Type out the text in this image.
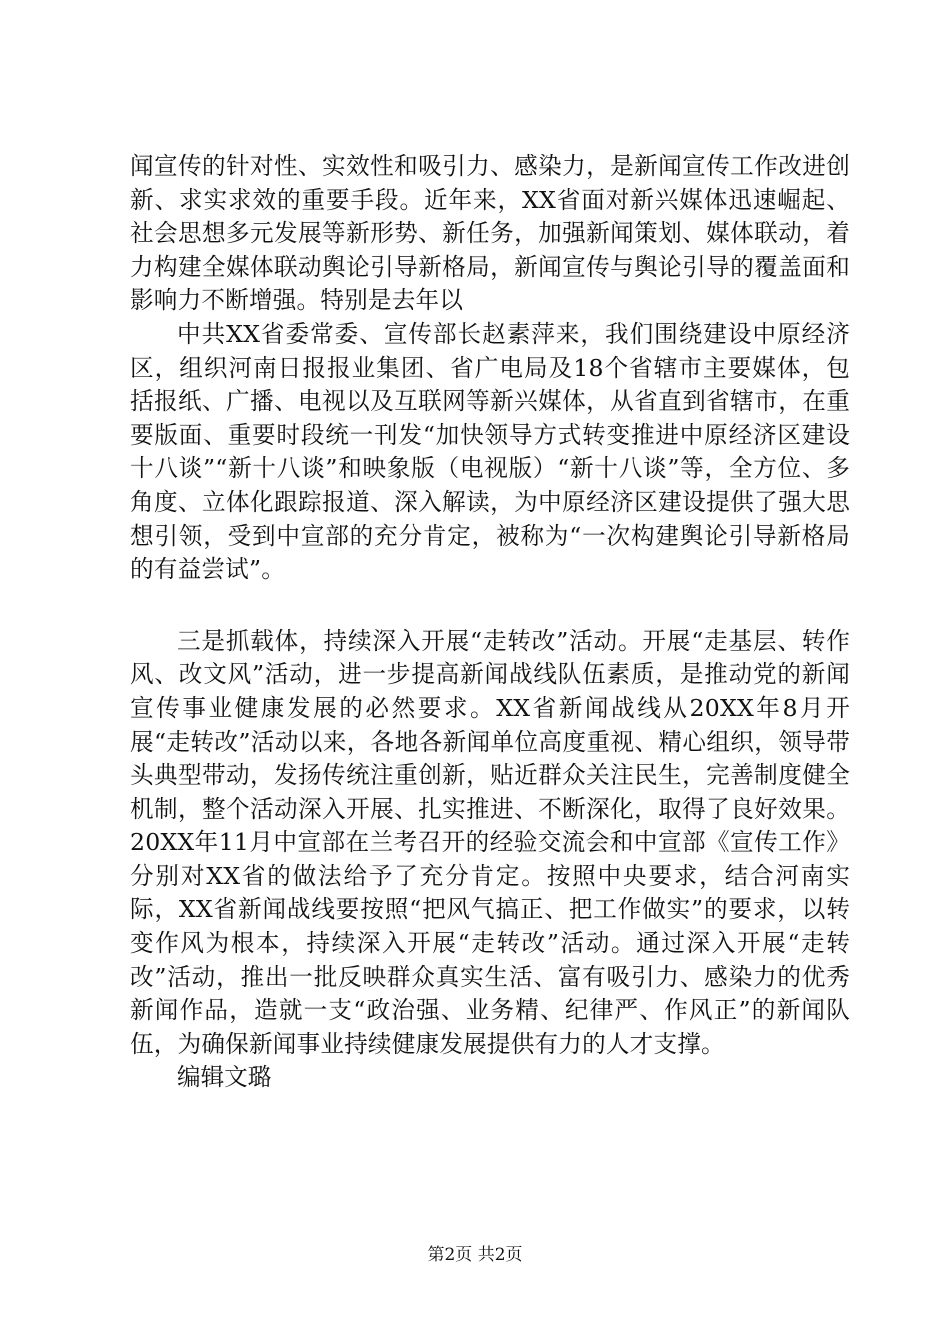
闻宣传的针对性、实效性和吸引力、感染力，是新闻宣传工作改进创新、求实求效的重要手段。近年来，XX省面对新兴媒体迅速崛起、社会思想多元发展等新形势、新任务，加强新闻策划、媒体联动，着力构建全媒体联动舆论引导新格局，新闻宣传与舆论引导的覆盖面和影响力不断增强。特别是去年以

中共XX省委常委、宣传部长赵素萍来，我们围绕建设中原经济区，组织河南日报报业集团、省广电局及18个省辖市主要媒体，包括报纸、广播、电视以及互联网等新兴媒体，从省直到省辖市，在重要版面、重要时段统一刊发“加快领导方式转变推进中原经济区建设十八谈”“新十八谈”和映象版（电视版）“新十八谈”等，全方位、多角度、立体化跟踪报道、深入解读，为中原经济区建设提供了强大思想引领，受到中宣部的充分肯定，被称为“一次构建舆论引导新格局的有益尝试”。

三是抓载体，持续深入开展“走转改”活动。开展“走基层、转作风、改文风”活动，进一步提高新闻战线队伍素质，是推动党的新闻宣传事业健康发展的必然要求。XX省新闻战线从20XX年8月开展“走转改”活动以来，各地各新闻单位高度重视、精心组织，领导带头典型带动，发扬传统注重创新，贴近群众关注民生，完善制度健全机制，整个活动深入开展、扎实推进、不断深化，取得了良好效果。20XX年11月中宣部在兰考召开的经验交流会和中宣部《宣传工作》分别对XX省的做法给予了充分肯定。按照中央要求，结合河南实际，XX省新闻战线要按照“把风气搞正、把工作做实”的要求，以转变作风为根本，持续深入开展“走转改”活动。通过深入开展“走转改”活动，推出一批反映群众真实生活、富有吸引力、感染力的优秀新闻作品，造就一支“政治强、业务精、纪律严、作风正”的新闻队伍，为确保新闻事业持续健康发展提供有力的人才支撑。

编辑文璐

第2页 共2页
